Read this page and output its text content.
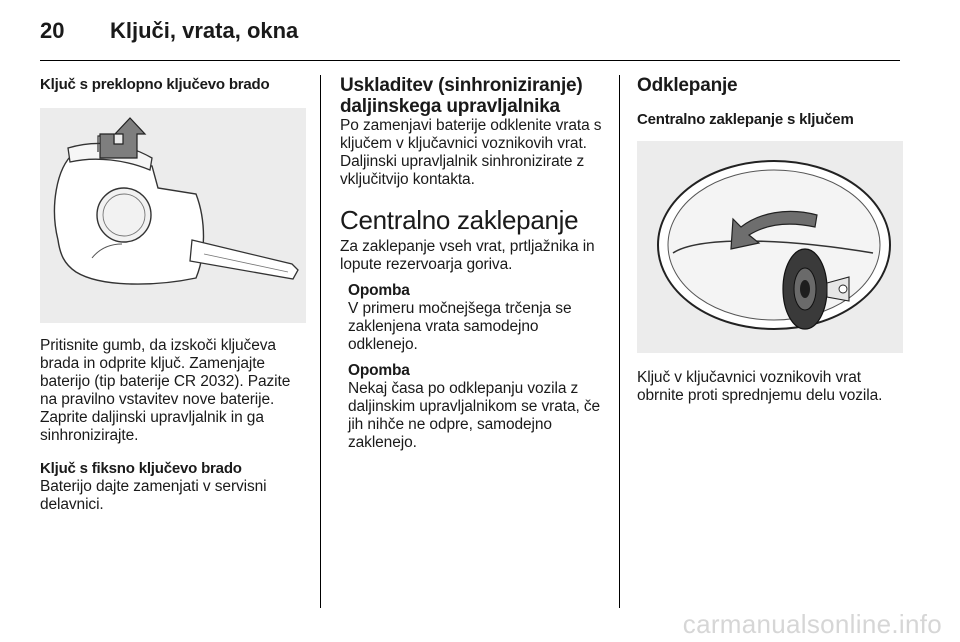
20 Ključi, vrata, okna
Ključ s preklopno ključevo brado

Pritisnite gumb, da izskoči ključeva brada in odprite ključ. Zamenjajte baterijo (tip baterije CR 2032). Pazite na pravilno vstavitev nove baterije. Zaprite daljinski upravljalnik in ga sinhronizirajte.

Ključ s fiksno ključevo brado

Baterijo dajte zamenjati v servisni delavnici.

Uskladitev (sinhroniziranje) daljinskega upravljalnika

Po zamenjavi baterije odklenite vrata s ključem v ključavnici voznikovih vrat. Daljinski upravljalnik sinhronizirate z vključitvijo kontakta.

Centralno zaklepanje

Za zaklepanje vseh vrat, prtljažnika in lopute rezervoarja goriva.

Opomba

V primeru močnejšega trčenja se zaklenjena vrata samodejno odklenejo.

Opomba

Nekaj časa po odklepanju vozila z daljinskim upravljalnikom se vrata, če jih nihče ne odpre, samodejno zaklenejo.

Odklepanje
Centralno zaklepanje s ključem

Ključ v ključavnici voznikovih vrat obrnite proti sprednjemu delu vozila.

carmanualsonline.info
